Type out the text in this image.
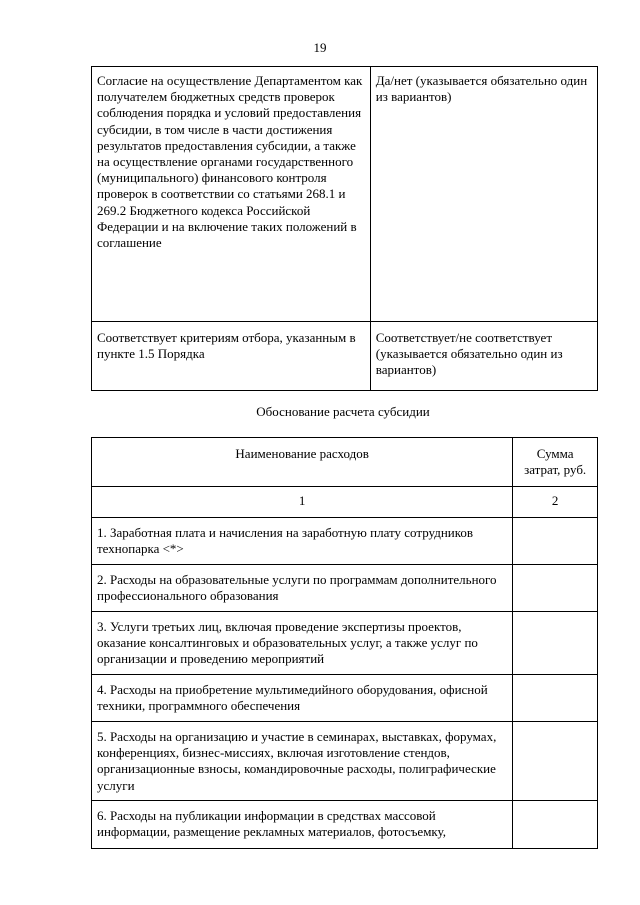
19
Согласие на осуществление Департаментом как получателем бюджетных средств проверок соблюдения порядка и условий предоставления субсидии, в том числе в части достижения результатов предоставления субсидии, а также на осуществление органами государственного (муниципального) финансового контроля проверок в соответствии со статьями 268.1 и 269.2 Бюджетного кодекса Российской Федерации и на включение таких положений в соглашение	Да/нет (указывается обязательно один из вариантов)
Соответствует критериям отбора, указанным в пункте 1.5 Порядка	Соответствует/не соответствует (указывается обязательно один из вариантов)
Обоснование расчета субсидии
Наименование расходов	Сумма затрат, руб.
1	2
1. Заработная плата и начисления на заработную плату сотрудников технопарка <*>	
2. Расходы на образовательные услуги по программам дополнительного профессионального образования	
3. Услуги третьих лиц, включая проведение экспертизы проектов, оказание консалтинговых и образовательных услуг, а также услуг по организации и проведению мероприятий	
4. Расходы на приобретение мультимедийного оборудования, офисной техники, программного обеспечения	
5. Расходы на организацию и участие в семинарах, выставках, форумах, конференциях, бизнес-миссиях, включая изготовление стендов, организационные взносы, командировочные расходы, полиграфические услуги	
6. Расходы на публикации информации в средствах массовой информации, размещение рекламных материалов, фотосъемку,	
